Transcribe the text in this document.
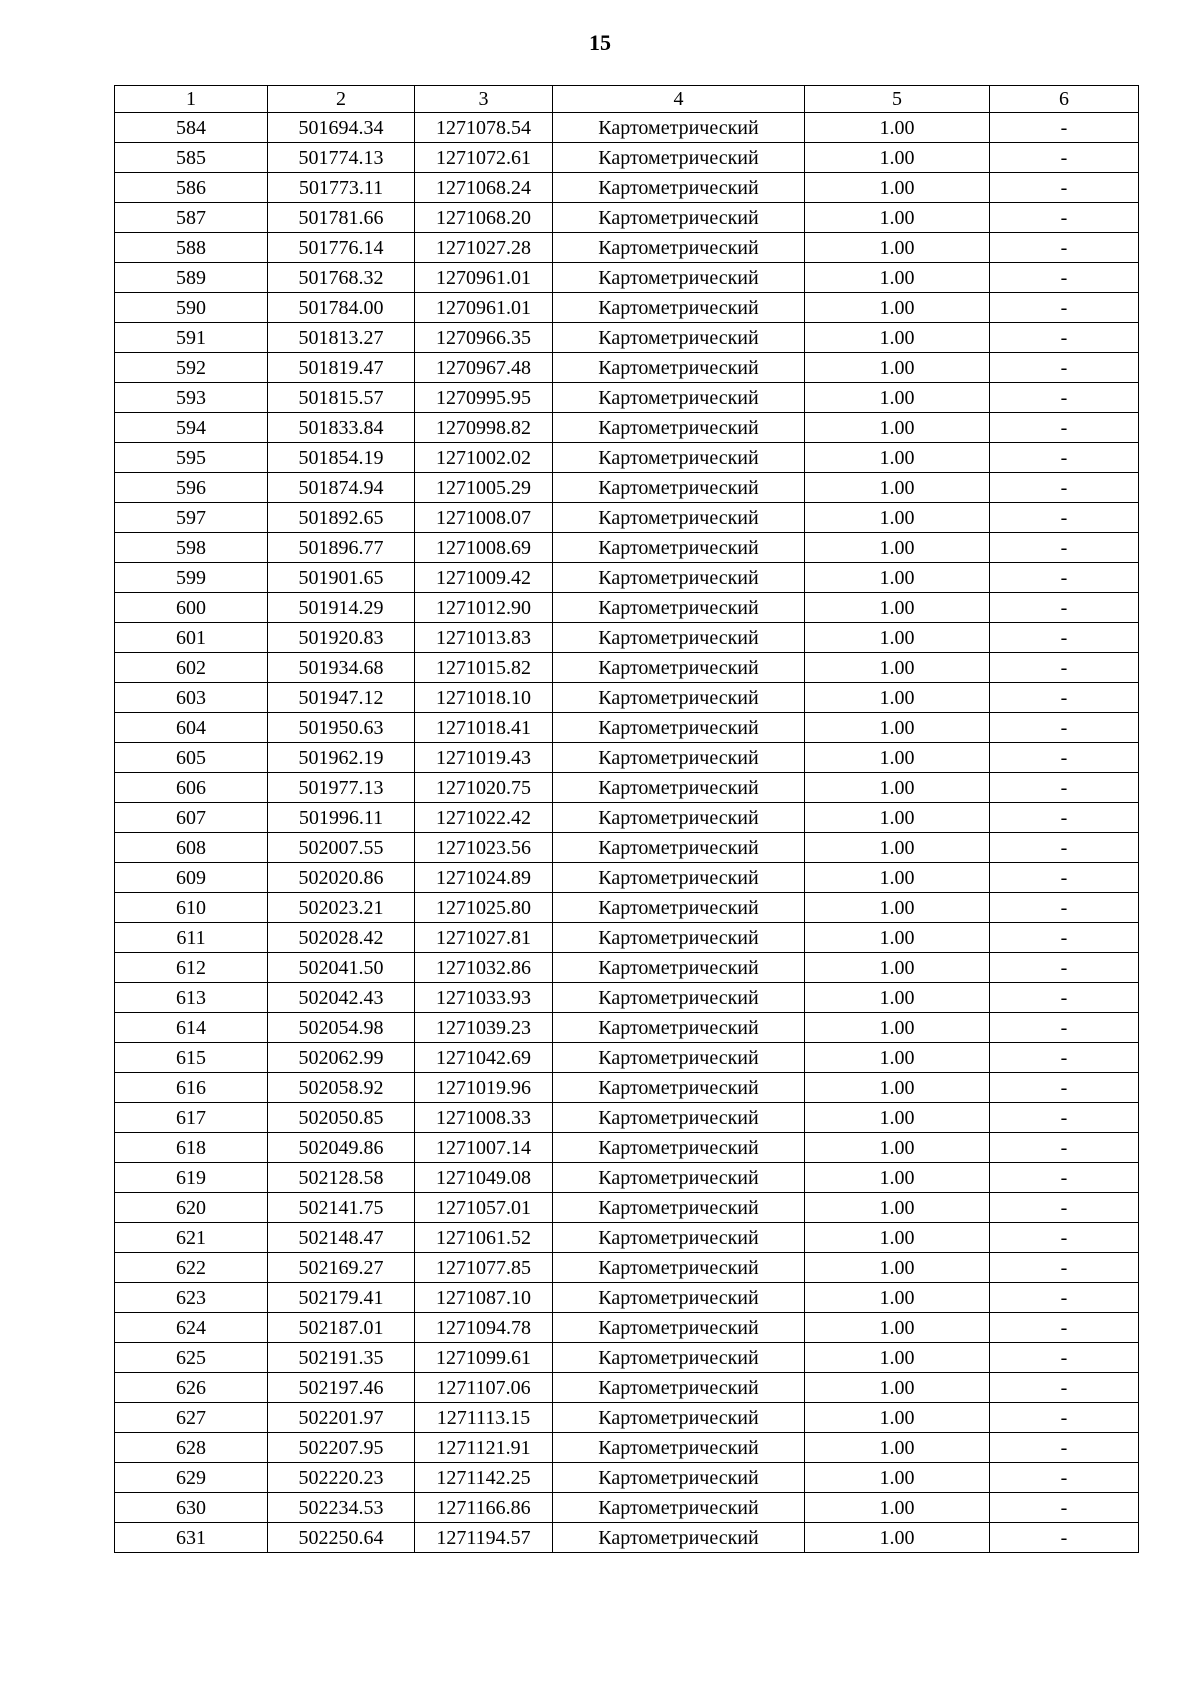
15
1	2	3	4	5	6
584	501694.34	1271078.54	Картометрический	1.00	-
585	501774.13	1271072.61	Картометрический	1.00	-
586	501773.11	1271068.24	Картометрический	1.00	-
587	501781.66	1271068.20	Картометрический	1.00	-
588	501776.14	1271027.28	Картометрический	1.00	-
589	501768.32	1270961.01	Картометрический	1.00	-
590	501784.00	1270961.01	Картометрический	1.00	-
591	501813.27	1270966.35	Картометрический	1.00	-
592	501819.47	1270967.48	Картометрический	1.00	-
593	501815.57	1270995.95	Картометрический	1.00	-
594	501833.84	1270998.82	Картометрический	1.00	-
595	501854.19	1271002.02	Картометрический	1.00	-
596	501874.94	1271005.29	Картометрический	1.00	-
597	501892.65	1271008.07	Картометрический	1.00	-
598	501896.77	1271008.69	Картометрический	1.00	-
599	501901.65	1271009.42	Картометрический	1.00	-
600	501914.29	1271012.90	Картометрический	1.00	-
601	501920.83	1271013.83	Картометрический	1.00	-
602	501934.68	1271015.82	Картометрический	1.00	-
603	501947.12	1271018.10	Картометрический	1.00	-
604	501950.63	1271018.41	Картометрический	1.00	-
605	501962.19	1271019.43	Картометрический	1.00	-
606	501977.13	1271020.75	Картометрический	1.00	-
607	501996.11	1271022.42	Картометрический	1.00	-
608	502007.55	1271023.56	Картометрический	1.00	-
609	502020.86	1271024.89	Картометрический	1.00	-
610	502023.21	1271025.80	Картометрический	1.00	-
611	502028.42	1271027.81	Картометрический	1.00	-
612	502041.50	1271032.86	Картометрический	1.00	-
613	502042.43	1271033.93	Картометрический	1.00	-
614	502054.98	1271039.23	Картометрический	1.00	-
615	502062.99	1271042.69	Картометрический	1.00	-
616	502058.92	1271019.96	Картометрический	1.00	-
617	502050.85	1271008.33	Картометрический	1.00	-
618	502049.86	1271007.14	Картометрический	1.00	-
619	502128.58	1271049.08	Картометрический	1.00	-
620	502141.75	1271057.01	Картометрический	1.00	-
621	502148.47	1271061.52	Картометрический	1.00	-
622	502169.27	1271077.85	Картометрический	1.00	-
623	502179.41	1271087.10	Картометрический	1.00	-
624	502187.01	1271094.78	Картометрический	1.00	-
625	502191.35	1271099.61	Картометрический	1.00	-
626	502197.46	1271107.06	Картометрический	1.00	-
627	502201.97	1271113.15	Картометрический	1.00	-
628	502207.95	1271121.91	Картометрический	1.00	-
629	502220.23	1271142.25	Картометрический	1.00	-
630	502234.53	1271166.86	Картометрический	1.00	-
631	502250.64	1271194.57	Картометрический	1.00	-
